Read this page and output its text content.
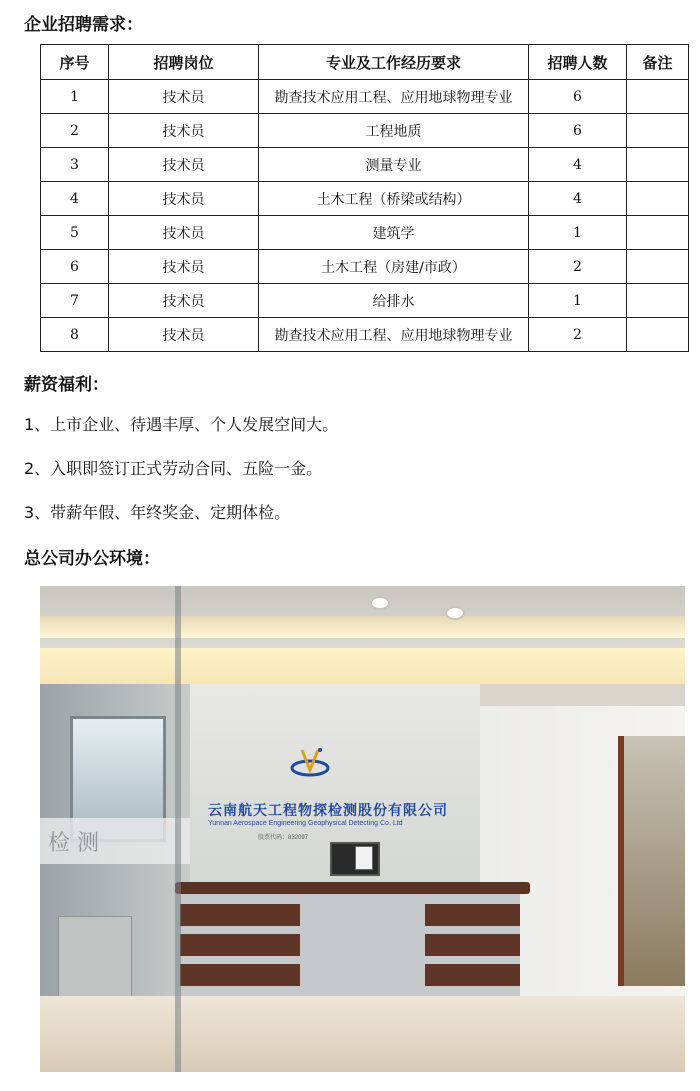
企业招聘需求：
序号	招聘岗位	专业及工作经历要求	招聘人数	备注
1	技术员	勘查技术应用工程、应用地球物理专业	6	
2	技术员	工程地质	6	
3	技术员	测量专业	4	
4	技术员	土木工程（桥梁或结构）	4	
5	技术员	建筑学	1	
6	技术员	土木工程（房建/市政）	2	
7	技术员	给排水	1	
8	技术员	勘查技术应用工程、应用地球物理专业	2	
薪资福利：

1、上市企业、待遇丰厚、个人发展空间大。

2、入职即签订正式劳动合同、五险一金。

3、带薪年假、年终奖金、定期体检。

总公司办公环境：
检 测
云南航天工程物探检测股份有限公司
Yunnan Aerospace Engineering Geophysical Detecting Co. Ltd
股票代码：832097
